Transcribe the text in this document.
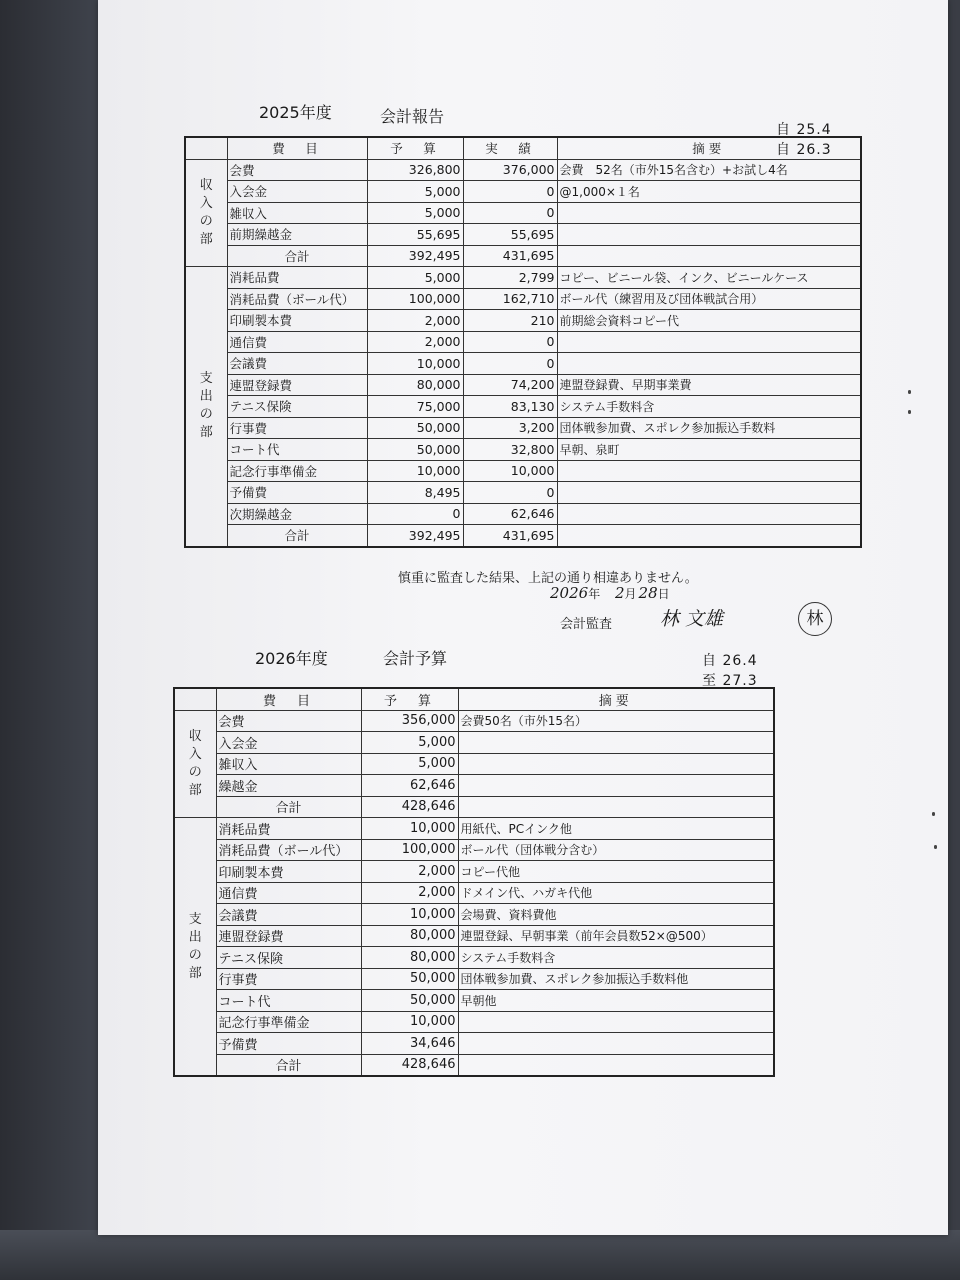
2025年度	会計報告
自 25.4
自 26.3
	費　目	予　算	実　績	摘要
収入の部	会費	326,800	376,000	会費　52名（市外15名含む）+お試し4名
	入会金	5,000	0	@1,000×１名
	雑収入	5,000	0	
	前期繰越金	55,695	55,695	
	合計	392,495	431,695	
支出の部	消耗品費	5,000	2,799	コピー、ビニール袋、インク、ビニールケース
	消耗品費（ボール代）	100,000	162,710	ボール代（練習用及び団体戦試合用）
	印刷製本費	2,000	210	前期総会資料コピー代
	通信費	2,000	0	
	会議費	10,000	0	
	連盟登録費	80,000	74,200	連盟登録費、早期事業費
	テニス保険	75,000	83,130	システム手数料含
	行事費	50,000	3,200	団体戦参加費、スポレク参加振込手数料
	コート代	50,000	32,800	早朝、泉町
	記念行事準備金	10,000	10,000	
	予備費	8,495	0	
	次期繰越金	0	62,646	
	合計	392,495	431,695	
慎重に監査した結果、上記の通り相違ありません。
2026年 2月 28日
会計監査	林 文雄	林
2026年度	会計予算	自 26.4
至 27.3
	費　目	予　算	摘要
収入の部	会費	356,000	会費50名（市外15名）
	入会金	5,000	
	雑収入	5,000	
	繰越金	62,646	
	合計	428,646	
支出の部	消耗品費	10,000	用紙代、PCインク他
	消耗品費（ボール代）	100,000	ボール代（団体戦分含む）
	印刷製本費	2,000	コピー代他
	通信費	2,000	ドメイン代、ハガキ代他
	会議費	10,000	会場費、資料費他
	連盟登録費	80,000	連盟登録、早朝事業（前年会員数52×@500）
	テニス保険	80,000	システム手数料含
	行事費	50,000	団体戦参加費、スポレク参加振込手数料他
	コート代	50,000	早朝他
	記念行事準備金	10,000	
	予備費	34,646	
	合計	428,646	
